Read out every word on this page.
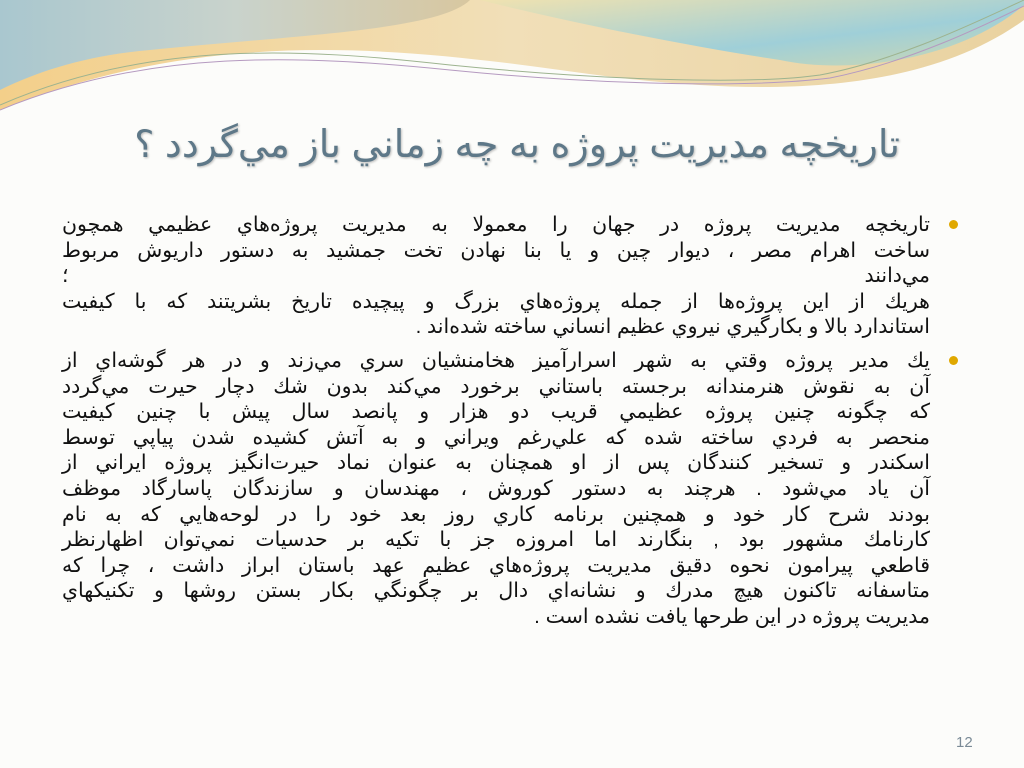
تاريخچه مديريت پروژه به چه زماني باز مي‌گردد ؟
تاريخچه مديريت پروژه در جهان را معمولا به مديريت پروژه‌هاي عظيمي همچون
ساخت اهرام مصر ، ديوار چين و يا بنا نهادن تخت جمشيد به دستور داريوش مربوط
مي‌دانند ؛
هريك از اين پروژه‌ها از جمله پروژه‌هاي بزرگ و پيچيده تاريخ بشريتند كه با كيفيت
استاندارد بالا و بكارگيري نيروي عظيم انساني ساخته شده‌اند .
يك مدير پروژه وقتي به شهر اسرارآميز هخامنشيان سري مي‌زند و در هر گوشه‌اي از
آن به نقوش هنرمندانه برجسته باستاني برخورد مي‌كند بدون شك دچار حيرت مي‌گردد
كه چگونه چنين پروژه عظيمي قريب دو هزار و پانصد سال پيش با چنين كيفيت
منحصر به فردي ساخته شده كه علي‌رغم ويراني و به آتش كشيده شدن پياپي توسط
اسكندر و تسخير كنندگان پس از او همچنان به عنوان نماد حيرت‌انگيز پروژه ايراني از
آن ياد مي‌شود . هرچند به دستور كوروش ، مهندسان و سازندگان پاسارگاد موظف
بودند شرح كار خود و همچنين برنامه كاري روز بعد خود را در لوحه‌هايي كه به نام
كارنامك مشهور بود , بنگارند اما امروزه جز با تكيه بر حدسيات نمي‌توان اظهارنظر
قاطعي پيرامون نحوه دقيق مديريت پروژه‌هاي عظيم عهد باستان ابراز داشت ، چرا كه
متاسفانه تاكنون هيچ مدرك و نشانه‌اي دال بر چگونگي بكار بستن روشها و تكنيكهاي
مديريت پروژه در اين طرحها يافت نشده است .
12
